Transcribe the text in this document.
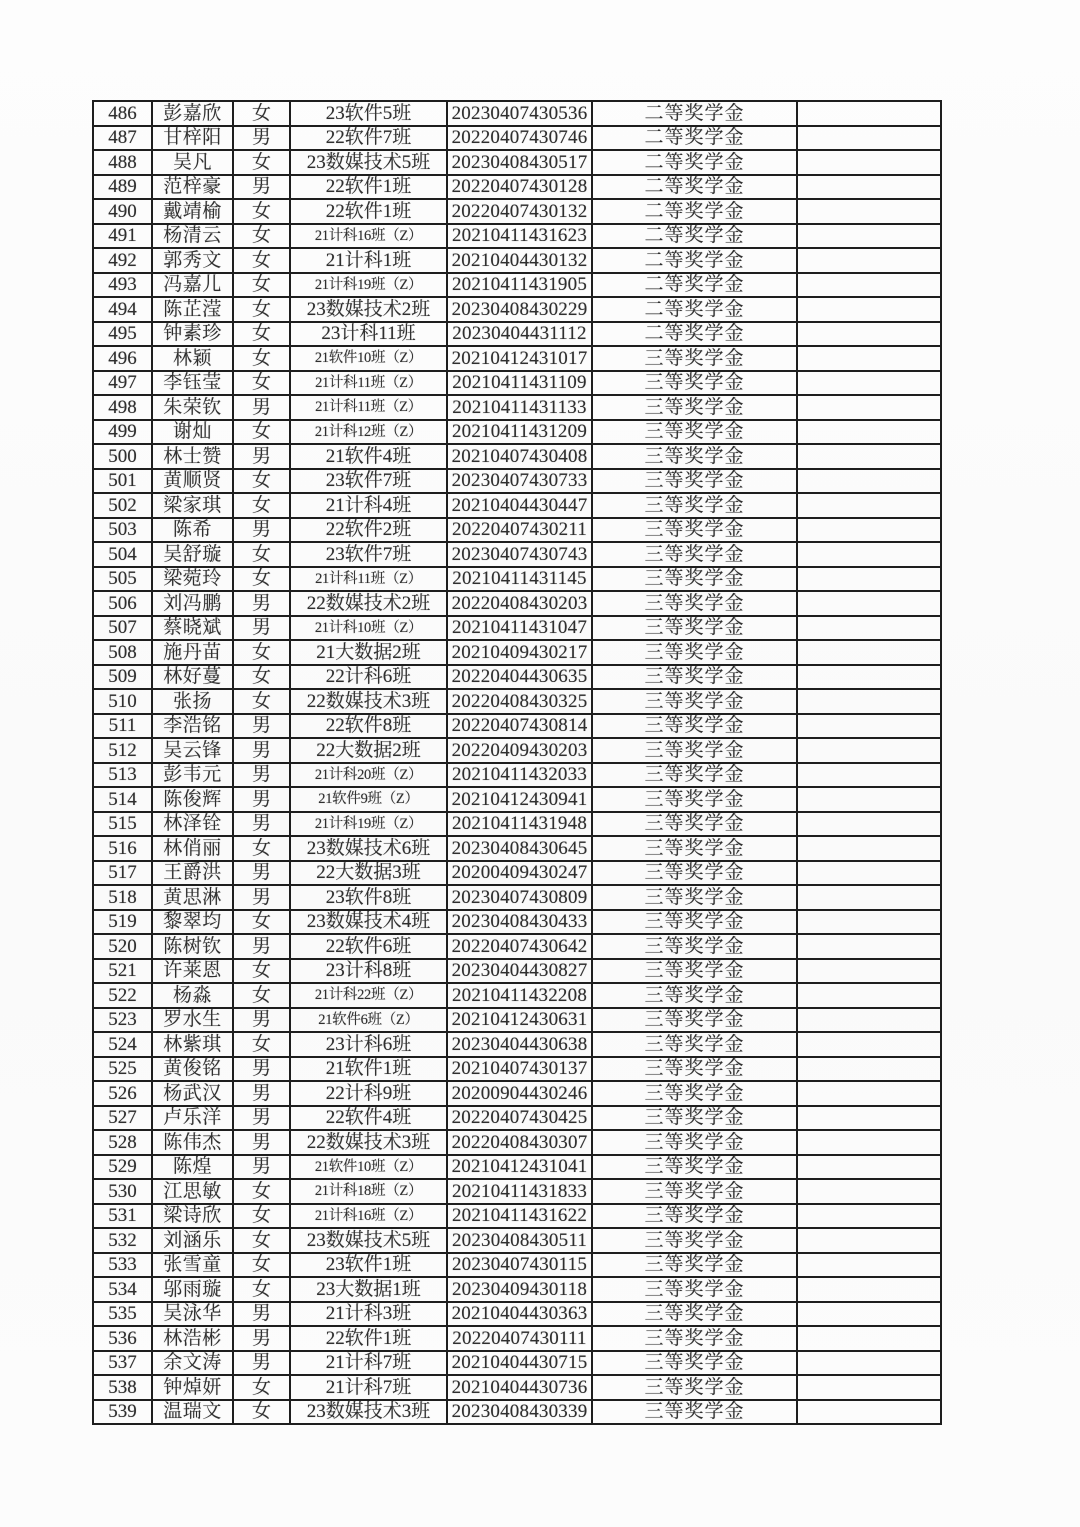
486	彭嘉欣	女	23软件5班	20230407430536	二等奖学金	
487	甘梓阳	男	22软件7班	20220407430746	二等奖学金	
488	吴凡	女	23数媒技术5班	20230408430517	二等奖学金	
489	范梓豪	男	22软件1班	20220407430128	二等奖学金	
490	戴靖榆	女	22软件1班	20220407430132	二等奖学金	
491	杨清云	女	21计科16班（Z）	20210411431623	二等奖学金	
492	郭秀文	女	21计科1班	20210404430132	二等奖学金	
493	冯嘉儿	女	21计科19班（Z）	20210411431905	二等奖学金	
494	陈芷滢	女	23数媒技术2班	20230408430229	二等奖学金	
495	钟素珍	女	23计科11班	20230404431112	二等奖学金	
496	林颖	女	21软件10班（Z）	20210412431017	三等奖学金	
497	李钰莹	女	21计科11班（Z）	20210411431109	三等奖学金	
498	朱荣钦	男	21计科11班（Z）	20210411431133	三等奖学金	
499	谢灿	女	21计科12班（Z）	20210411431209	三等奖学金	
500	林士赞	男	21软件4班	20210407430408	三等奖学金	
501	黄顺贤	女	23软件7班	20230407430733	三等奖学金	
502	梁家琪	女	21计科4班	20210404430447	三等奖学金	
503	陈希	男	22软件2班	20220407430211	三等奖学金	
504	吴舒璇	女	23软件7班	20230407430743	三等奖学金	
505	梁菀玲	女	21计科11班（Z）	20210411431145	三等奖学金	
506	刘冯鹏	男	22数媒技术2班	20220408430203	三等奖学金	
507	蔡晓斌	男	21计科10班（Z）	20210411431047	三等奖学金	
508	施丹苗	女	21大数据2班	20210409430217	三等奖学金	
509	林好蔓	女	22计科6班	20220404430635	三等奖学金	
510	张扬	女	22数媒技术3班	20220408430325	三等奖学金	
511	李浩铭	男	22软件8班	20220407430814	三等奖学金	
512	吴云锋	男	22大数据2班	20220409430203	三等奖学金	
513	彭韦元	男	21计科20班（Z）	20210411432033	三等奖学金	
514	陈俊辉	男	21软件9班（Z）	20210412430941	三等奖学金	
515	林泽铨	男	21计科19班（Z）	20210411431948	三等奖学金	
516	林俏丽	女	23数媒技术6班	20230408430645	三等奖学金	
517	王爵洪	男	22大数据3班	20200409430247	三等奖学金	
518	黄思淋	男	23软件8班	20230407430809	三等奖学金	
519	黎翠均	女	23数媒技术4班	20230408430433	三等奖学金	
520	陈树钦	男	22软件6班	20220407430642	三等奖学金	
521	许莱恩	女	23计科8班	20230404430827	三等奖学金	
522	杨淼	女	21计科22班（Z）	20210411432208	三等奖学金	
523	罗水生	男	21软件6班（Z）	20210412430631	三等奖学金	
524	林紫琪	女	23计科6班	20230404430638	三等奖学金	
525	黄俊铭	男	21软件1班	20210407430137	三等奖学金	
526	杨武汉	男	22计科9班	20200904430246	三等奖学金	
527	卢乐洋	男	22软件4班	20220407430425	三等奖学金	
528	陈伟杰	男	22数媒技术3班	20220408430307	三等奖学金	
529	陈煌	男	21软件10班（Z）	20210412431041	三等奖学金	
530	江思敏	女	21计科18班（Z）	20210411431833	三等奖学金	
531	梁诗欣	女	21计科16班（Z）	20210411431622	三等奖学金	
532	刘涵乐	女	23数媒技术5班	20230408430511	三等奖学金	
533	张雪童	女	23软件1班	20230407430115	三等奖学金	
534	邬雨璇	女	23大数据1班	20230409430118	三等奖学金	
535	吴泳华	男	21计科3班	20210404430363	三等奖学金	
536	林浩彬	男	22软件1班	20220407430111	三等奖学金	
537	余文涛	男	21计科7班	20210404430715	三等奖学金	
538	钟焯妍	女	21计科7班	20210404430736	三等奖学金	
539	温瑞文	女	23数媒技术3班	20230408430339	三等奖学金	
